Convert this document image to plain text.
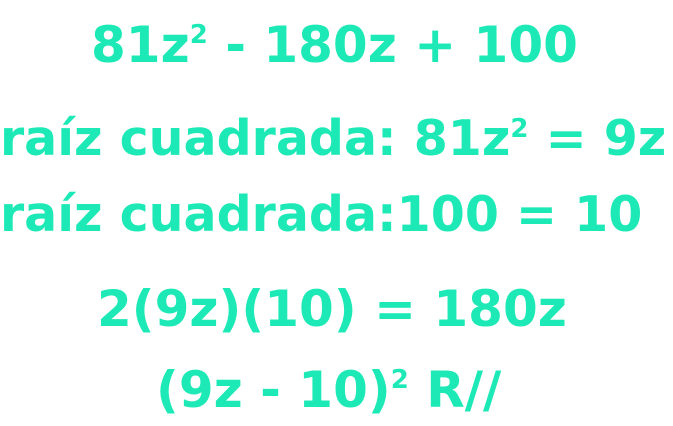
81z2 - 180z + 100
raíz cuadrada: 81z2 = 9z
raíz cuadrada:100 = 10
2(9z)(10) = 180z
(9z - 10)2 R//
